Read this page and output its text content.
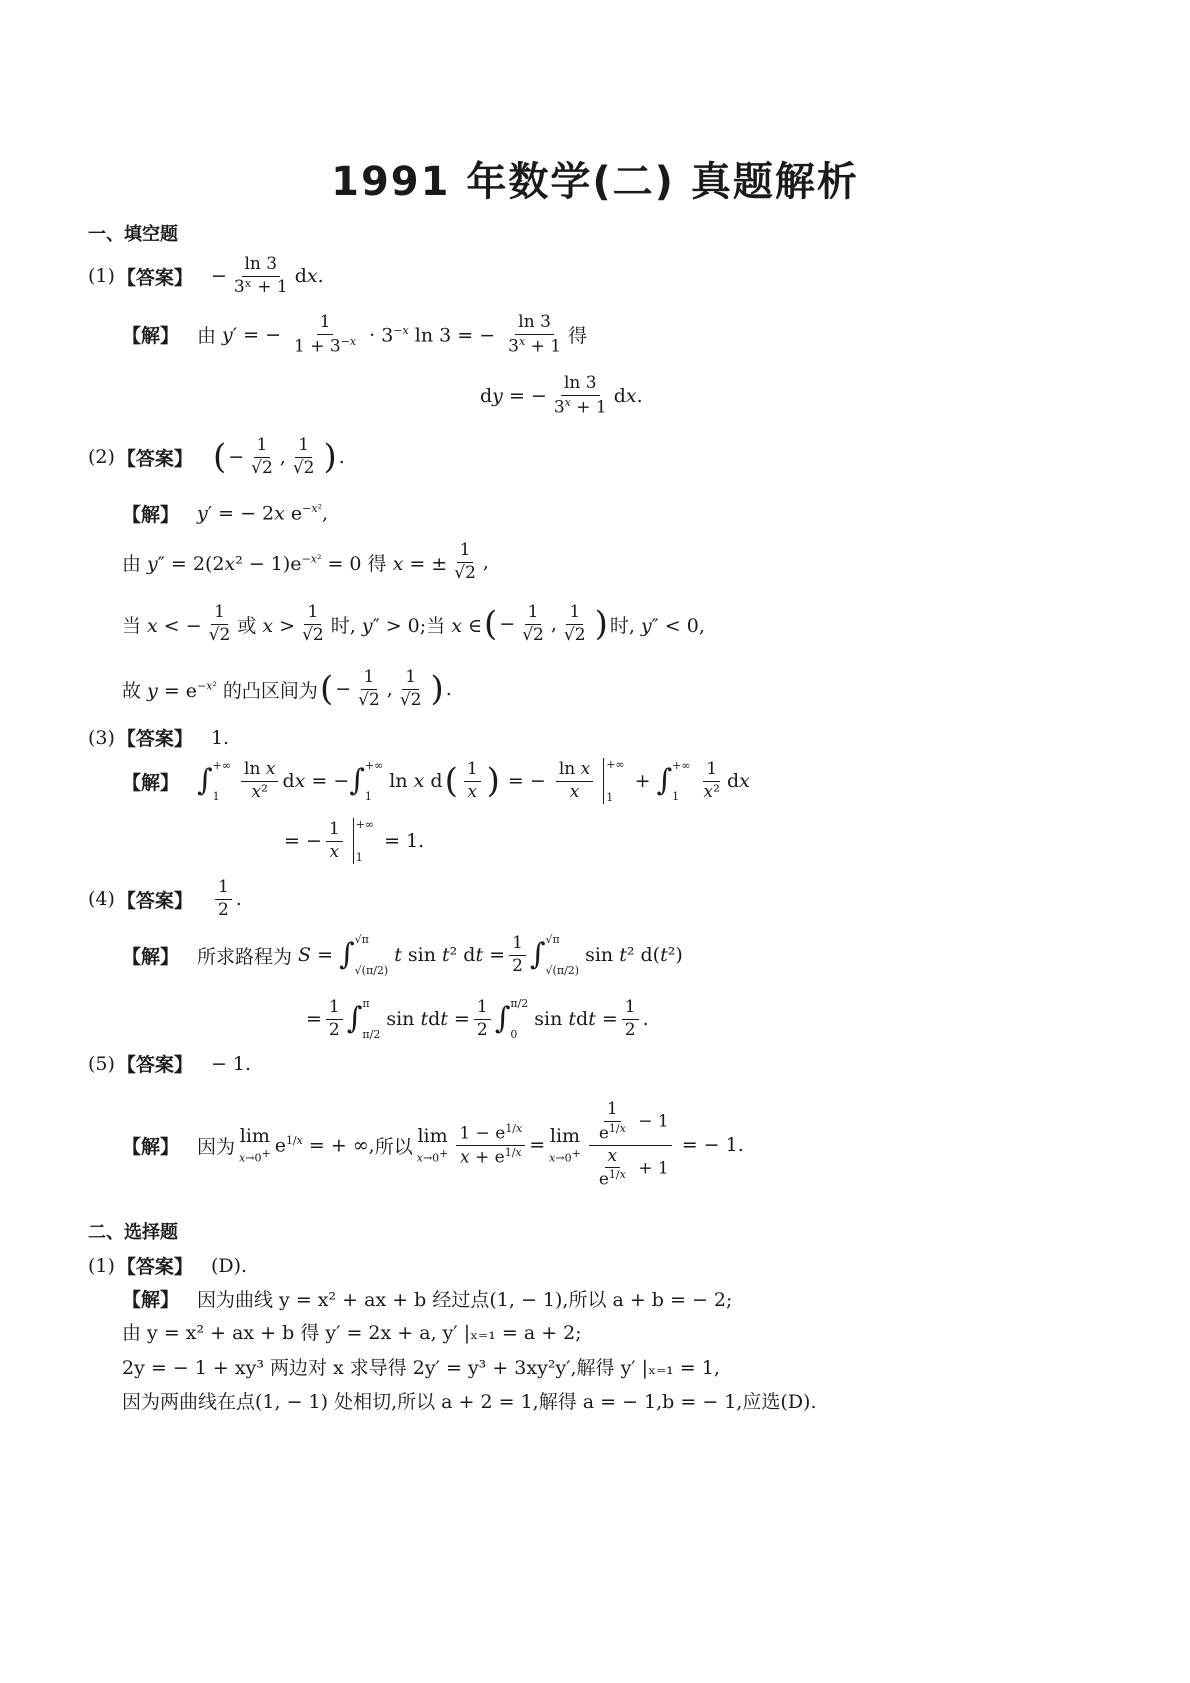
1991 年数学(二) 真题解析
一、填空题
(1) 【答案】 − $\frac{\ln 3}{\text{3ˣ + 1}}$ dx.
【解】 由 y′ = − $\frac{1}{1 + 3^{-x}} \cdot 3^{-x}$ ln 3 = − $\frac{\ln 3}{3^x + 1}$ 得
dy = − $\frac{\ln 3}{3^x + 1}$ dx.
(2) 【答案】 ( − $\frac{1}{√2}$ , $\frac{1}{√2}$ ) .
【解】 y′ = − 2x $e^{-x^2}$,
由 $y'' = 2(2x^2 - 1)e^{-x^2} = 0$ 得 x = ± $\frac{1}{√2}$ ,
当 x < − $\frac{1}{√2}$ 或 $x > \frac{1}{√2}$ 时, y″ > 0;当 x ∈ ( − $\frac{1}{√2}$ , $\frac{1}{√2}$ ) 时, y″ < 0,
故 $y = e^{-x^2}$ 的凸区间为 ( − $\frac{1}{√2}$ , $\frac{1}{√2}$ ) .
(3) 【答案】 1.
【解】 ∫ +∞
1	$\frac{\text{ln x}}{\text{x²}}$ dx = − ∫ +∞
1
ln x d ( $\frac{1}{x}$ ) = − $\frac{\text{ln x}}{x}$ +∞
1
+ ∫ +∞
1	$\frac{1}{\text{x²}}$ dx
= − $\frac{1}{x}$ +∞
1
= 1.
(4) 【答案】 $\frac{1}{2}$ .
【解】 所求路程为 S = ∫ √π
√(π/2)
t sin t² dt = $\frac{1}{2}$ ∫ √π
√(π/2)
sin t² d(t²)
= $\frac{1}{2}$ ∫ π
π/2
sin tdt = $\frac{1}{2}$ ∫ π/2
0
sin tdt = $\frac{1}{2}$ .
(5) 【答案】 − 1.
【解】 因为 lim
x→0+ $e^{1/x}$ = + ∞, 所以 lim
$x\to 0^+ \frac{1 - e^{1/x}}{x + e^{1/x}} = \lim$
$x\to 0^+ \frac{\frac{1}{e^{1/x}} - 1}{\frac{x}{e^{1/x}} + 1}$ = − 1.
二、选择题
(1) 【答案】 (D).
【解】 因为曲线 y = x² + ax + b 经过点(1, − 1),所以 a + b = − 2;
由 y = x² + ax + b 得 y′ = 2x + a, y′ |ₓ₌₁ = a + 2;
2y = − 1 + xy³ 两边对 x 求导得 2y′ = y³ + 3xy²y′,解得 y′ |ₓ₌₁ = 1,
因为两曲线在点(1, − 1) 处相切,所以 a + 2 = 1,解得 a = − 1,b = − 1,应选(D).
